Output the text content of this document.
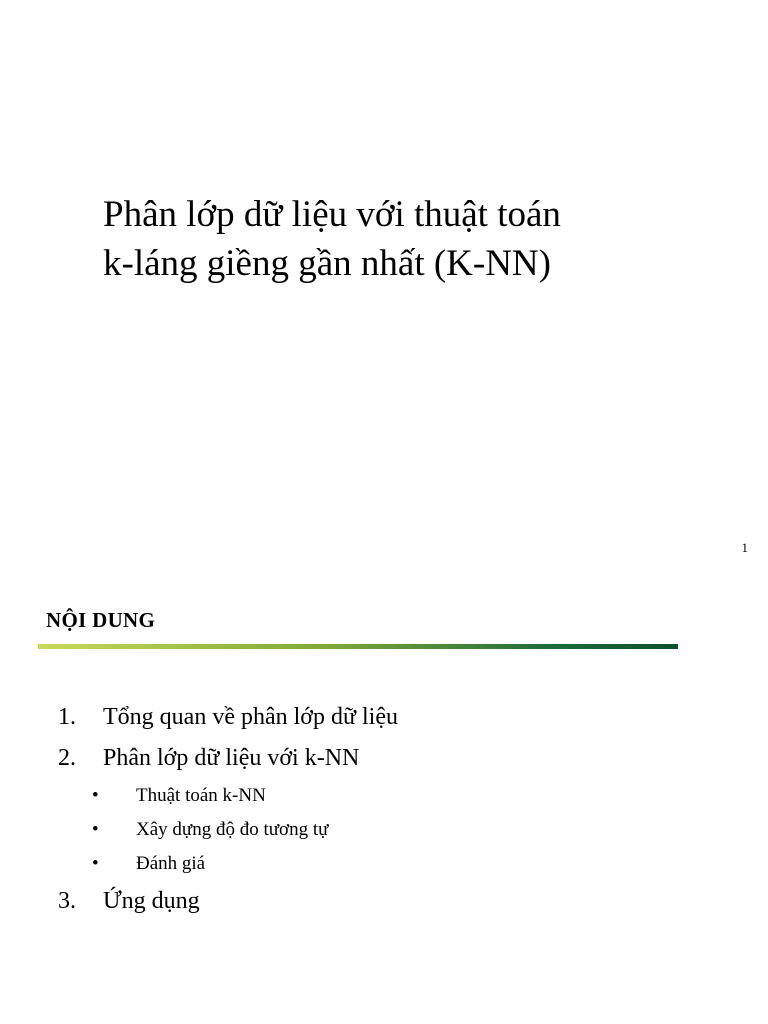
Phân lớp dữ liệu với thuật toán
k-láng giềng gần nhất (K-NN)
1
NỘI DUNG
1. Tổng quan về phân lớp dữ liệu
2. Phân lớp dữ liệu với k-NN
• Thuật toán k-NN
• Xây dựng độ đo tương tự
• Đánh giá
3. Ứng dụng
